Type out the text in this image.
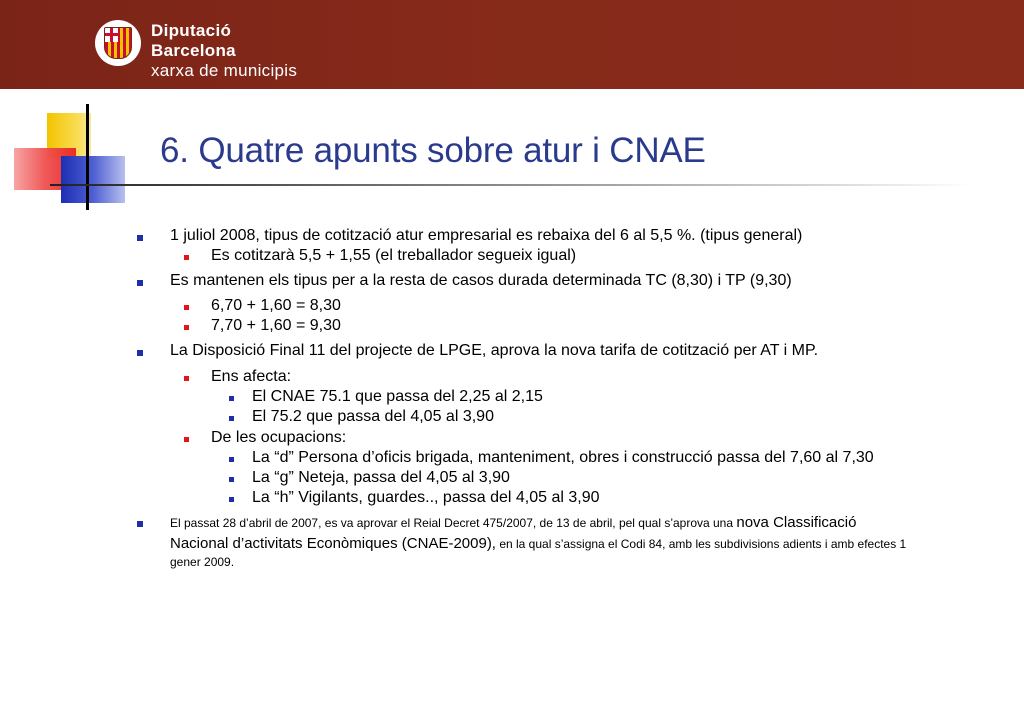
Diputació
Barcelona
xarxa de municipis
6. Quatre apunts sobre atur i CNAE
1 juliol 2008, tipus de cotització atur empresarial es rebaixa del 6 al 5,5 %. (tipus general)
Es cotitzarà 5,5 + 1,55 (el treballador segueix igual)
Es mantenen els tipus per a la resta de casos durada determinada TC (8,30) i TP (9,30)
6,70 + 1,60 = 8,30
7,70 + 1,60 = 9,30
La Disposició Final 11 del projecte de LPGE, aprova la nova tarifa de cotització per AT i MP.
Ens afecta:
El CNAE 75.1 que passa del 2,25 al 2,15
El 75.2 que passa del 4,05 al 3,90
De les ocupacions:
La “d” Persona d’oficis brigada, manteniment, obres i construcció passa del 7,60 al 7,30
La “g” Neteja, passa del 4,05 al 3,90
La “h” Vigilants, guardes.., passa del 4,05 al 3,90
El passat 28 d’abril de 2007, es va aprovar el Reial Decret 475/2007, de 13 de abril, pel qual s’aprova una nova Classificació
Nacional d’activitats Econòmiques (CNAE-2009), en la qual s’assigna el Codi 84, amb les subdivisions adients i amb efectes 1
gener 2009.
